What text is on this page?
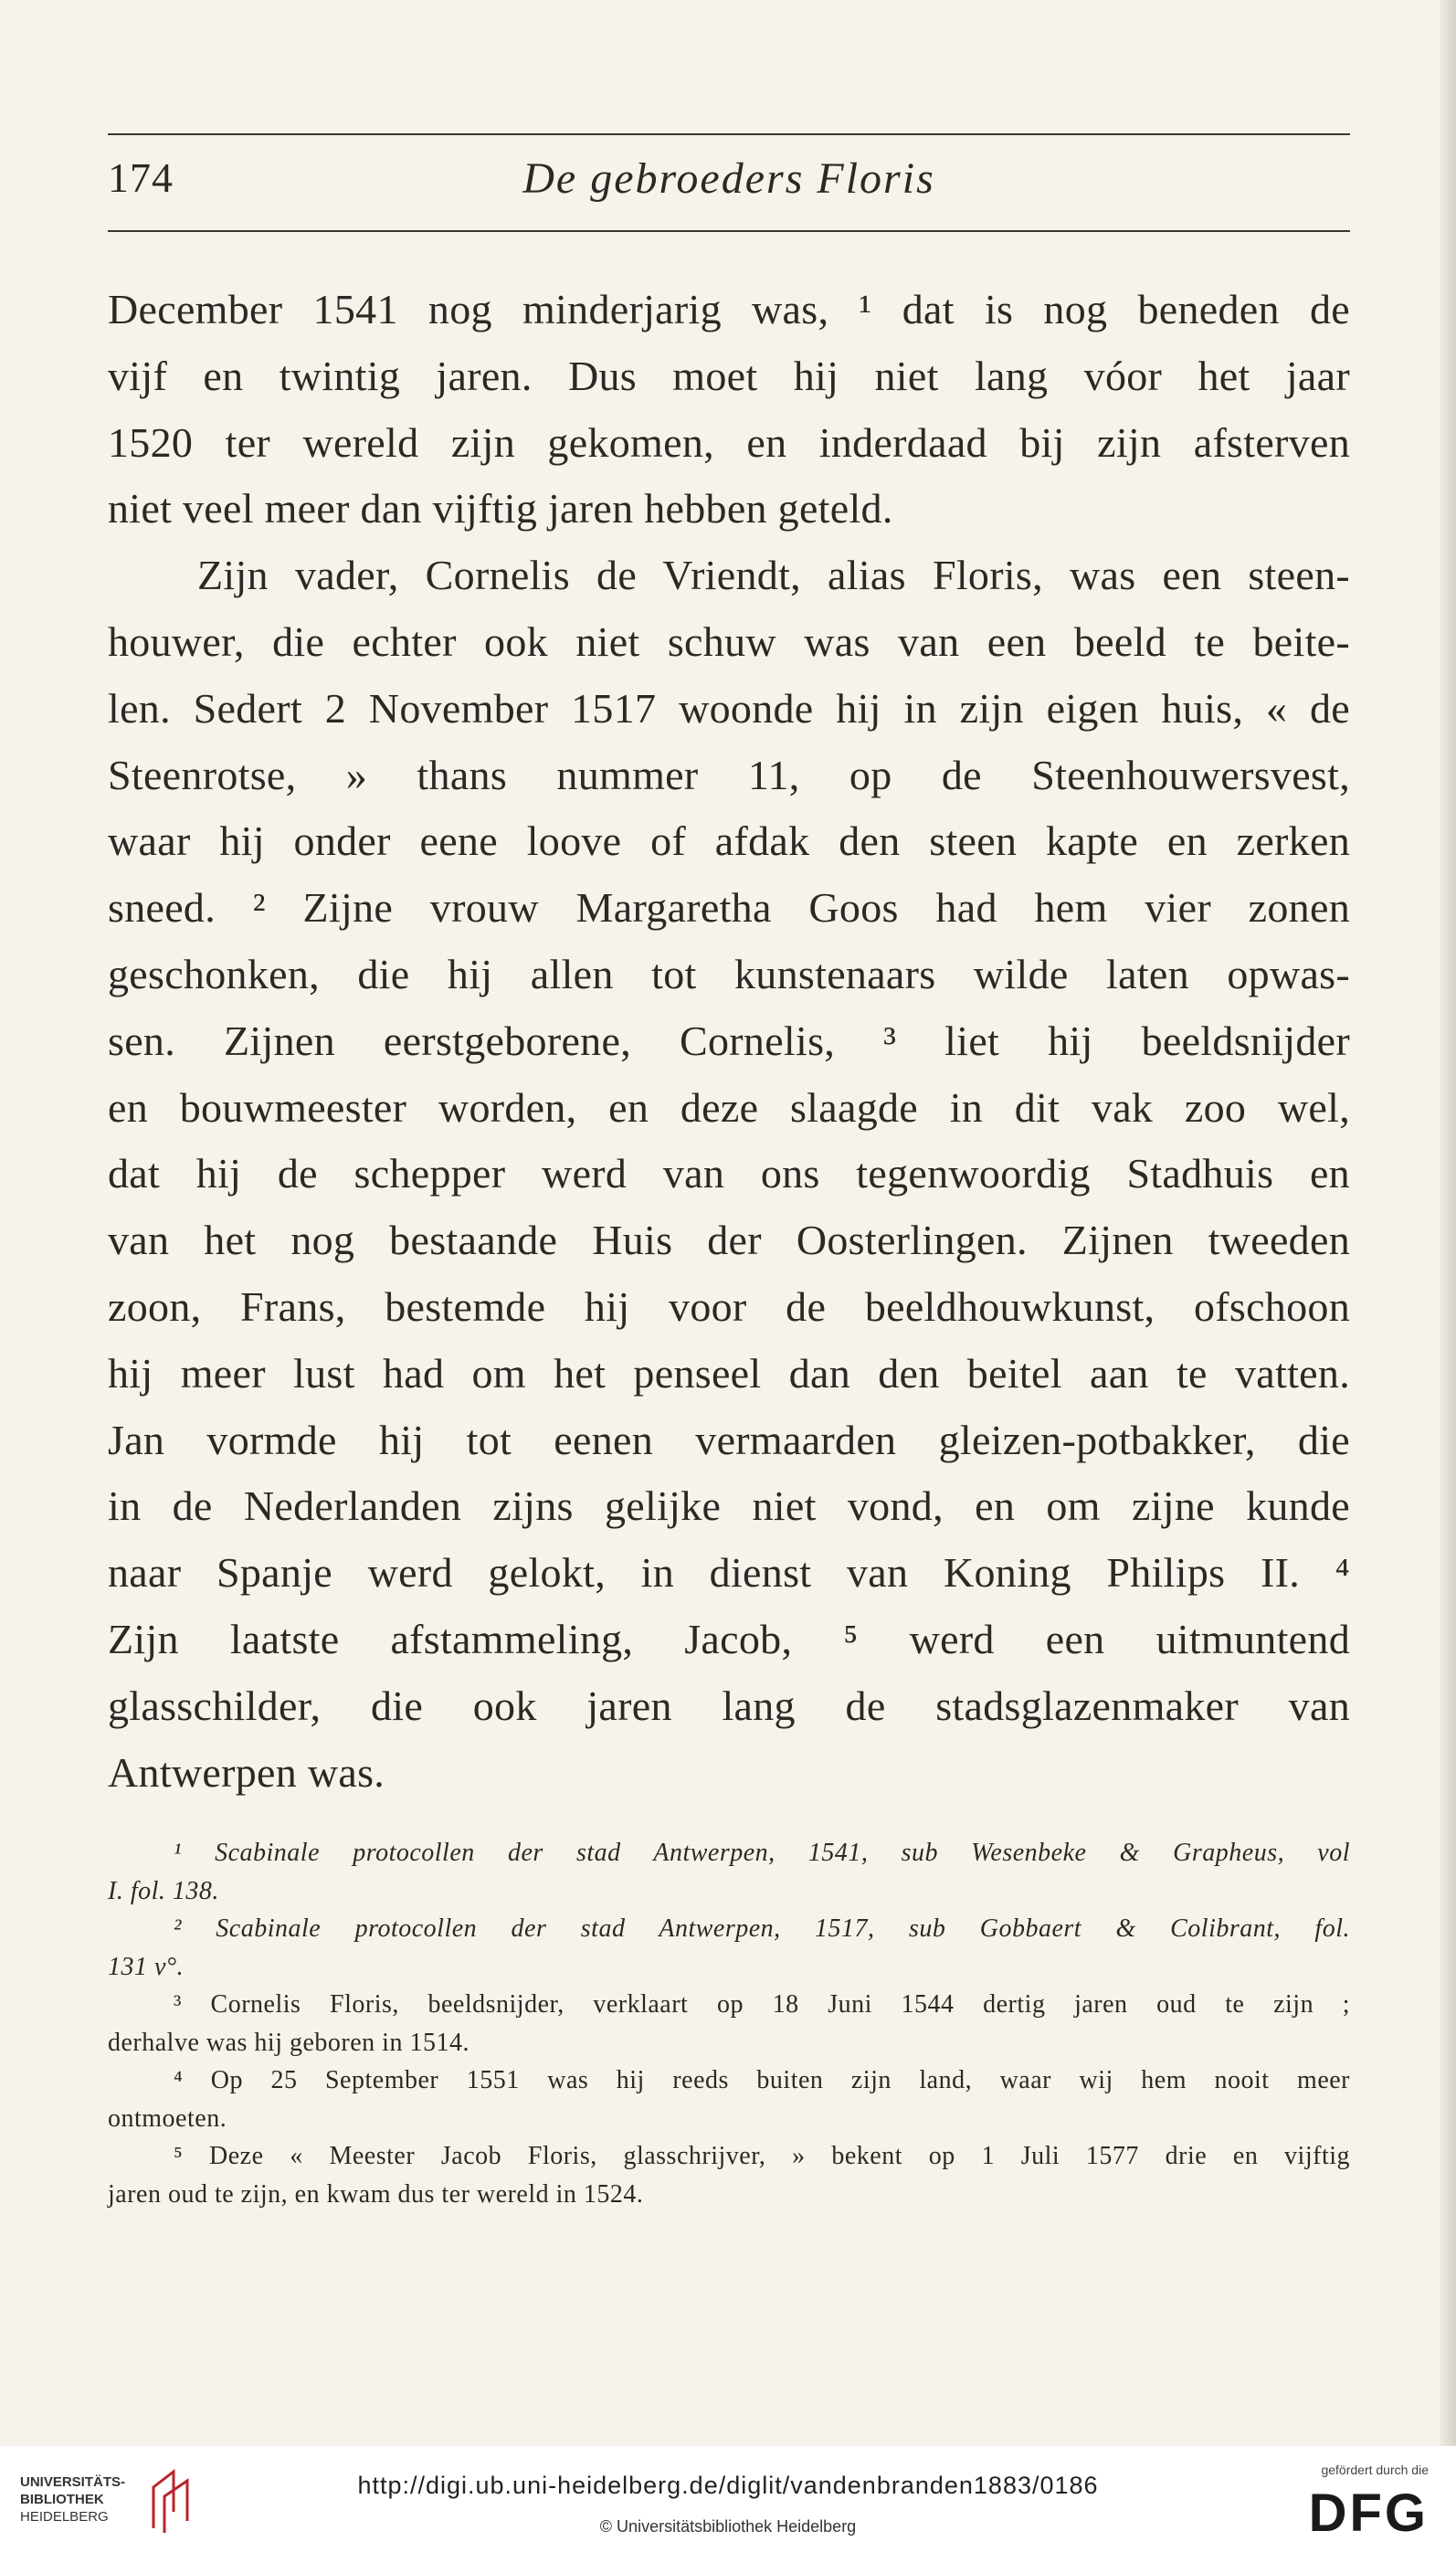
174	De gebroeders Floris
December 1541 nog minderjarig was, ¹ dat is nog beneden de
vijf en twintig jaren. Dus moet hij niet lang vóor het jaar
1520 ter wereld zijn gekomen, en inderdaad bij zijn afsterven
niet veel meer dan vijftig jaren hebben geteld.
Zijn vader, Cornelis de Vriendt, alias Floris, was een steen-
houwer, die echter ook niet schuw was van een beeld te beite-
len. Sedert 2 November 1517 woonde hij in zijn eigen huis, « de
Steenrotse, » thans nummer 11, op de Steenhouwersvest,
waar hij onder eene loove of afdak den steen kapte en zerken
sneed. ² Zijne vrouw Margaretha Goos had hem vier zonen
geschonken, die hij allen tot kunstenaars wilde laten opwas-
sen. Zijnen eerstgeborene, Cornelis, ³ liet hij beeldsnijder
en bouwmeester worden, en deze slaagde in dit vak zoo wel,
dat hij de schepper werd van ons tegenwoordig Stadhuis en
van het nog bestaande Huis der Oosterlingen. Zijnen tweeden
zoon, Frans, bestemde hij voor de beeldhouwkunst, ofschoon
hij meer lust had om het penseel dan den beitel aan te vatten.
Jan vormde hij tot eenen vermaarden gleizen-potbakker, die
in de Nederlanden zijns gelijke niet vond, en om zijne kunde
naar Spanje werd gelokt, in dienst van Koning Philips II. ⁴
Zijn laatste afstammeling, Jacob, ⁵ werd een uitmuntend
glasschilder, die ook jaren lang de stadsglazenmaker van
Antwerpen was.
¹ Scabinale protocollen der stad Antwerpen, 1541, sub Wesenbeke & Grapheus, vol
I. fol. 138.
² Scabinale protocollen der stad Antwerpen, 1517, sub Gobbaert & Colibrant, fol.
131 v°.
³ Cornelis Floris, beeldsnijder, verklaart op 18 Juni 1544 dertig jaren oud te zijn ;
derhalve was hij geboren in 1514.
⁴ Op 25 September 1551 was hij reeds buiten zijn land, waar wij hem nooit meer
ontmoeten.
⁵ Deze « Meester Jacob Floris, glasschrijver, » bekent op 1 Juli 1577 drie en vijftig
jaren oud te zijn, en kwam dus ter wereld in 1524.
UNIVERSITÄTS-
BIBLIOTHEK
HEIDELBERG
http://digi.ub.uni-heidelberg.de/diglit/vandenbranden1883/0186
© Universitätsbibliothek Heidelberg
gefördert durch die
DFG
